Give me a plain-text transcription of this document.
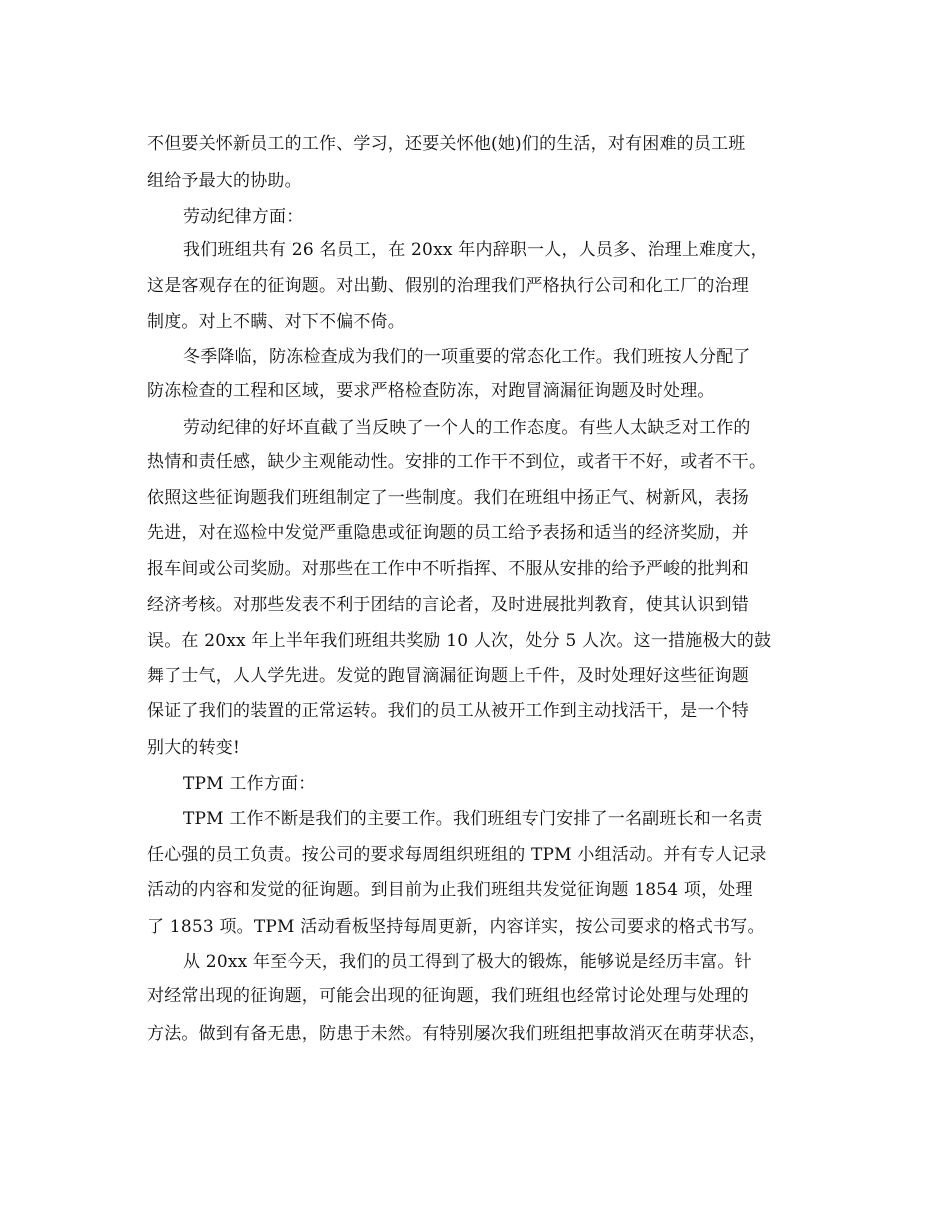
不但要关怀新员工的工作、学习，还要关怀他(她)们的生活，对有困难的员工班
组给予最大的协助。
劳动纪律方面：
我们班组共有 26 名员工，在 20xx 年内辞职一人，人员多、治理上难度大，
这是客观存在的征询题。对出勤、假别的治理我们严格执行公司和化工厂的治理
制度。对上不瞒、对下不偏不倚。
冬季降临，防冻检查成为我们的一项重要的常态化工作。我们班按人分配了
防冻检查的工程和区域，要求严格检查防冻，对跑冒滴漏征询题及时处理。
劳动纪律的好坏直截了当反映了一个人的工作态度。有些人太缺乏对工作的
热情和责任感，缺少主观能动性。安排的工作干不到位，或者干不好，或者不干。
依照这些征询题我们班组制定了一些制度。我们在班组中扬正气、树新风，表扬
先进，对在巡检中发觉严重隐患或征询题的员工给予表扬和适当的经济奖励，并
报车间或公司奖励。对那些在工作中不听指挥、不服从安排的给予严峻的批判和
经济考核。对那些发表不利于团结的言论者，及时进展批判教育，使其认识到错
误。在 20xx 年上半年我们班组共奖励 10 人次，处分 5 人次。这一措施极大的鼓
舞了士气，人人学先进。发觉的跑冒滴漏征询题上千件，及时处理好这些征询题
保证了我们的装置的正常运转。我们的员工从被开工作到主动找活干，是一个特
别大的转变!
TPM 工作方面：
TPM 工作不断是我们的主要工作。我们班组专门安排了一名副班长和一名责
任心强的员工负责。按公司的要求每周组织班组的 TPM 小组活动。并有专人记录
活动的内容和发觉的征询题。到目前为止我们班组共发觉征询题 1854 项，处理
了 1853 项。TPM 活动看板坚持每周更新，内容详实，按公司要求的格式书写。
从 20xx 年至今天，我们的员工得到了极大的锻炼，能够说是经历丰富。针
对经常出现的征询题，可能会出现的征询题，我们班组也经常讨论处理与处理的
方法。做到有备无患，防患于未然。有特别屡次我们班组把事故消灭在萌芽状态，
